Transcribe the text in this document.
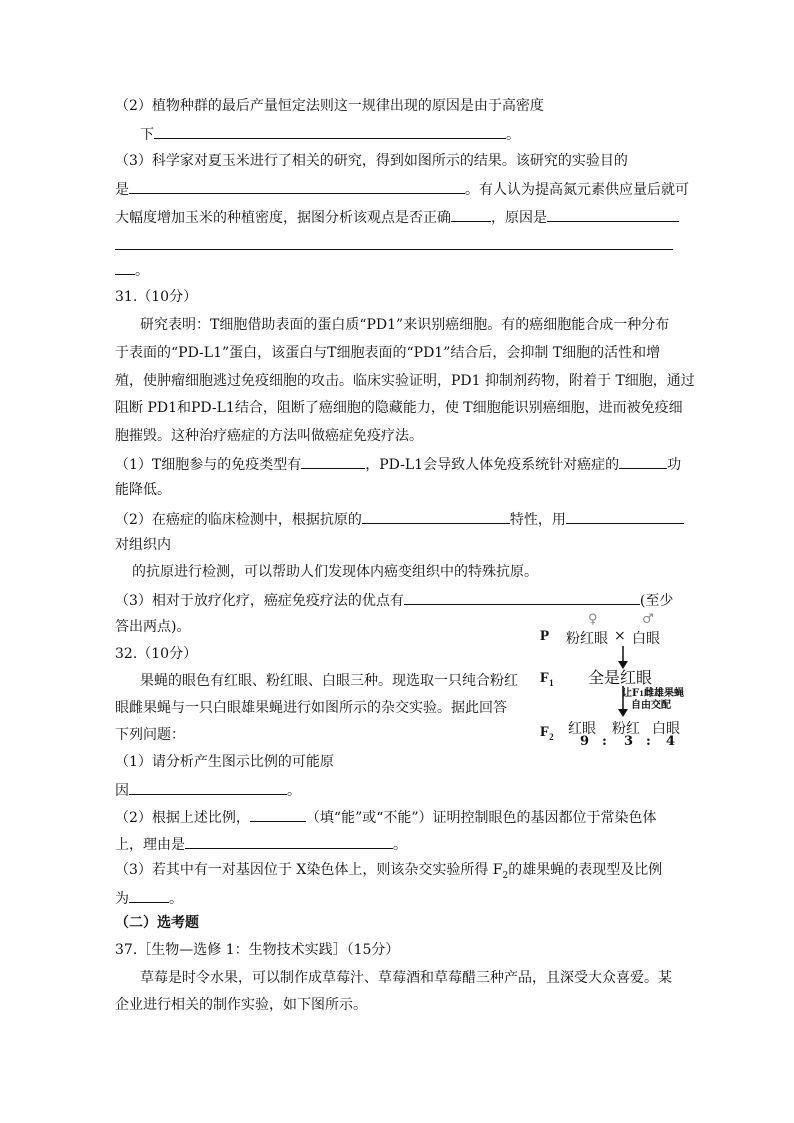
（2）植物种群的最后产量恒定法则这一规律出现的原因是由于高密度
下	。
（3）科学家对夏玉米进行了相关的研究，得到如图所示的结果。该研究的实验目的
是	。有人认为提高氮元素供应量后就可
大幅度增加玉米的种植密度，据图分析该观点是否正确	，原因是
。
31.（10分）
研究表明：T细胞借助表面的蛋白质“PD1”来识别癌细胞。有的癌细胞能合成一种分布
于表面的“PD-L1”蛋白，该蛋白与T细胞表面的“PD1”结合后，会抑制 T细胞的活性和增
殖，使肿瘤细胞逃过免疫细胞的攻击。临床实验证明，PD1 抑制剂药物，附着于 T细胞，通过
阻断 PD1和PD-L1结合，阻断了癌细胞的隐藏能力，使 T细胞能识别癌细胞，进而被免疫细
胞摧毁。这种治疗癌症的方法叫做癌症免疫疗法。
（1）T细胞参与的免疫类型有	，PD-L1会导致人体免疫系统针对癌症的	功
能降低。
（2）在癌症的临床检测中，根据抗原的	特性，用
对组织内
的抗原进行检测，可以帮助人们发现体内癌变组织中的特殊抗原。
（3）相对于放疗化疗，癌症免疫疗法的优点有	(至少
答出两点)。
32.（10分）
果蝇的眼色有红眼、粉红眼、白眼三种。现选取一只纯合粉红
眼雌果蝇与一只白眼雄果蝇进行如图所示的杂交实验。据此回答
下列问题：
（1）请分析产生图示比例的可能原
因	。
（2）根据上述比例，	（填“能”或“不能”）证明控制眼色的基因都位于常染色体
上，理由是	。
（3）若其中有一对基因位于 X染色体上，则该杂交实验所得 $F_2$的雄果蝇的表现型及比例
为	。
P
♀	♂
粉红眼 × 白眼
$F_1$ 全是红眼
让F1雌雄果蝇
自由交配
$F_2$ 红眼 粉红 白眼
9 : 3 : 4
（二）选考题
37.［生物—选修 1：生物技术实践］（15分）
草莓是时令水果，可以制作成草莓汁、草莓酒和草莓醋三种产品，且深受大众喜爱。某
企业进行相关的制作实验，如下图所示。
